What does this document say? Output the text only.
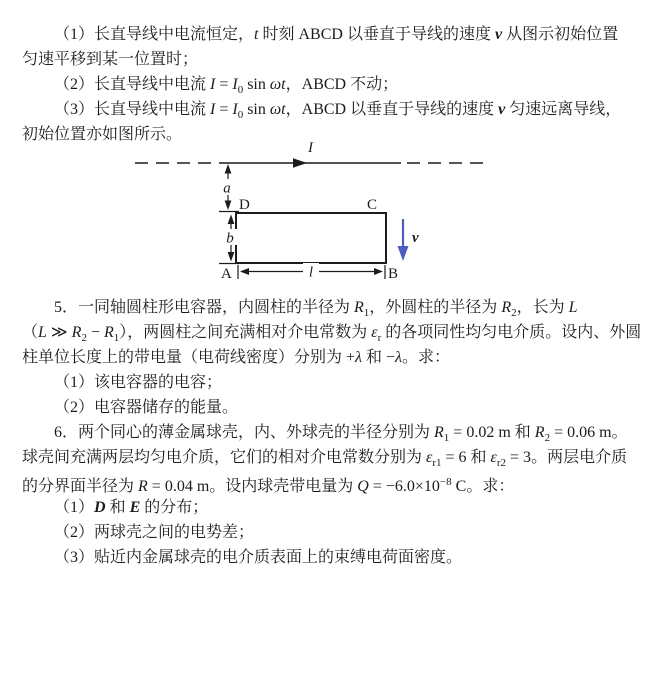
（1）长直导线中电流恒定，t 时刻 ABCD 以垂直于导线的速度 v 从图示初始位置
匀速平移到某一位置时；
（2）长直导线中电流 $I = I_0$ sin ωt，ABCD 不动；
（3）长直导线中电流 $I = I_0$ sin ωt，ABCD 以垂直于导线的速度 v 匀速远离导线，
初始位置亦如图所示。
I
a
D	C
A	B
b
l
v
5．一同轴圆柱形电容器，内圆柱的半径为 $R_1$，外圆柱的半径为 $R_2$，长为 L
（L ≫ $R_2 - R_1$），两圆柱之间充满相对介电常数为 $\varepsilon_r$ 的各项同性均匀电介质。设内、外圆
柱单位长度上的带电量（电荷线密度）分别为 +λ 和 −λ。求：
（1）该电容器的电容；
（2）电容器储存的能量。
6．两个同心的薄金属球壳，内、外球壳的半径分别为 $R_1 = 0.02$ m 和 $R_2 = 0.06$ m。
球壳间充满两层均匀电介质，它们的相对介电常数分别为 $\varepsilon_{r1} = 6$ 和 $\varepsilon_{r2} = 3$。两层电介质
的分界面半径为 R = 0.04 m。设内球壳带电量为 $Q = -6.0\times 10^{-8}$ C。求：
（1）D 和 E 的分布；
（2）两球壳之间的电势差；
（3）贴近内金属球壳的电介质表面上的束缚电荷面密度。
